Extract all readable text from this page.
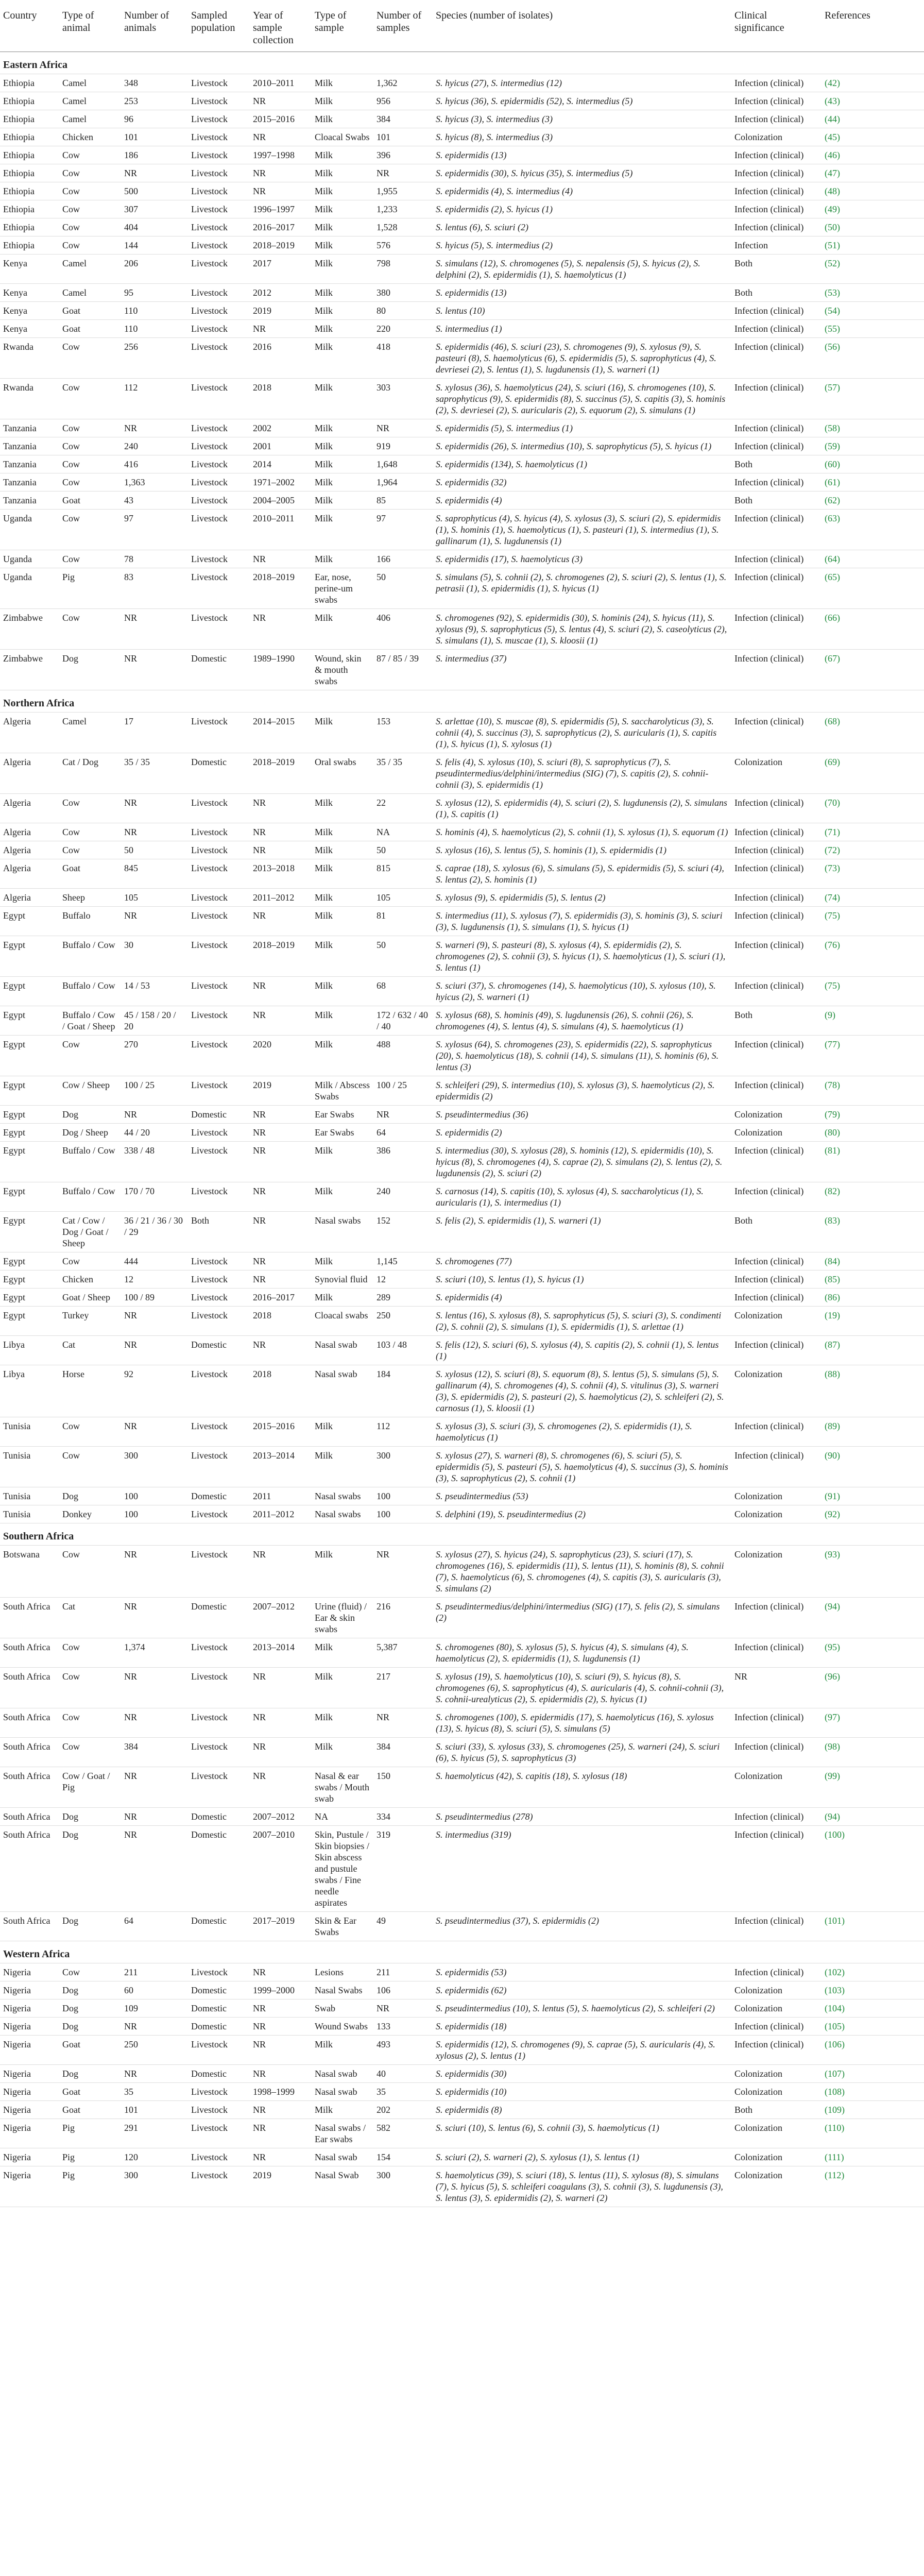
Country	Type of animal	Number of animals	Sampled population	Year of sample collection	Type of sample	Number of samples	Species (number of isolates)	Clinical significance	References
Eastern Africa									
Ethiopia	Camel	348	Livestock	2010–2011	Milk	1,362	S. hyicus (27), S. intermedius (12)	Infection (clinical)	(42)
Ethiopia	Camel	253	Livestock	NR	Milk	956	S. hyicus (36), S. epidermidis (52), S. intermedius (5)	Infection (clinical)	(43)
Ethiopia	Camel	96	Livestock	2015–2016	Milk	384	S. hyicus (3), S. intermedius (3)	Infection (clinical)	(44)
Ethiopia	Chicken	101	Livestock	NR	Cloacal Swabs	101	S. hyicus (8), S. intermedius (3)	Colonization	(45)
Ethiopia	Cow	186	Livestock	1997–1998	Milk	396	S. epidermidis (13)	Infection (clinical)	(46)
Ethiopia	Cow	NR	Livestock	NR	Milk	NR	S. epidermidis (30), S. hyicus (35), S. intermedius (5)	Infection (clinical)	(47)
Ethiopia	Cow	500	Livestock	NR	Milk	1,955	S. epidermidis (4), S. intermedius (4)	Infection (clinical)	(48)
Ethiopia	Cow	307	Livestock	1996–1997	Milk	1,233	S. epidermidis (2), S. hyicus (1)	Infection (clinical)	(49)
Ethiopia	Cow	404	Livestock	2016–2017	Milk	1,528	S. lentus (6), S. sciuri (2)	Infection (clinical)	(50)
Ethiopia	Cow	144	Livestock	2018–2019	Milk	576	S. hyicus (5), S. intermedius (2)	Infection	(51)
Kenya	Camel	206	Livestock	2017	Milk	798	S. simulans (12), S. chromogenes (5), S. nepalensis (5), S. hyicus (2), S. delphini (2), S. epidermidis (1), S. haemolyticus (1)	Both	(52)
Kenya	Camel	95	Livestock	2012	Milk	380	S. epidermidis (13)	Both	(53)
Kenya	Goat	110	Livestock	2019	Milk	80	S. lentus (10)	Infection (clinical)	(54)
Kenya	Goat	110	Livestock	NR	Milk	220	S. intermedius (1)	Infection (clinical)	(55)
Rwanda	Cow	256	Livestock	2016	Milk	418	S. epidermidis (46), S. sciuri (23), S. chromogenes (9), S. xylosus (9), S. pasteuri (8), S. haemolyticus (6), S. epidermidis (5), S. saprophyticus (4), S. devriesei (2), S. lentus (1), S. lugdunensis (1), S. warneri (1)	Infection (clinical)	(56)
Rwanda	Cow	112	Livestock	2018	Milk	303	S. xylosus (36), S. haemolyticus (24), S. sciuri (16), S. chromogenes (10), S. saprophyticus (9), S. epidermidis (8), S. succinus (5), S. capitis (3), S. hominis (2), S. devriesei (2), S. auricularis (2), S. equorum (2), S. simulans (1)	Infection (clinical)	(57)
Tanzania	Cow	NR	Livestock	2002	Milk	NR	S. epidermidis (5), S. intermedius (1)	Infection (clinical)	(58)
Tanzania	Cow	240	Livestock	2001	Milk	919	S. epidermidis (26), S. intermedius (10), S. saprophyticus (5), S. hyicus (1)	Infection (clinical)	(59)
Tanzania	Cow	416	Livestock	2014	Milk	1,648	S. epidermidis (134), S. haemolyticus (1)	Both	(60)
Tanzania	Cow	1,363	Livestock	1971–2002	Milk	1,964	S. epidermidis (32)	Infection (clinical)	(61)
Tanzania	Goat	43	Livestock	2004–2005	Milk	85	S. epidermidis (4)	Both	(62)
Uganda	Cow	97	Livestock	2010–2011	Milk	97	S. saprophyticus (4), S. hyicus (4), S. xylosus (3), S. sciuri (2), S. epidermidis (1), S. hominis (1), S. haemolyticus (1), S. pasteuri (1), S. intermedius (1), S. gallinarum (1), S. lugdunensis (1)	Infection (clinical)	(63)
Uganda	Cow	78	Livestock	NR	Milk	166	S. epidermidis (17), S. haemolyticus (3)	Infection (clinical)	(64)
Uganda	Pig	83	Livestock	2018–2019	Ear, nose, perine-um swabs	50	S. simulans (5), S. cohnii (2), S. chromogenes (2), S. sciuri (2), S. lentus (1), S. petrasii (1), S. epidermidis (1), S. hyicus (1)	Infection (clinical)	(65)
Zimbabwe	Cow	NR	Livestock	NR	Milk	406	S. chromogenes (92), S. epidermidis (30), S. hominis (24), S. hyicus (11), S. xylosus (9), S. saprophyticus (5), S. lentus (4), S. sciuri (2), S. caseolyticus (2), S. simulans (1), S. muscae (1), S. kloosii (1)	Infection (clinical)	(66)
Zimbabwe	Dog	NR	Domestic	1989–1990	Wound, skin & mouth swabs	87 / 85 / 39	S. intermedius (37)	Infection (clinical)	(67)
Northern Africa									
Algeria	Camel	17	Livestock	2014–2015	Milk	153	S. arlettae (10), S. muscae (8), S. epidermidis (5), S. saccharolyticus (3), S. cohnii (4), S. succinus (3), S. saprophyticus (2), S. auricularis (1), S. capitis (1), S. hyicus (1), S. xylosus (1)	Infection (clinical)	(68)
Algeria	Cat / Dog	35 / 35	Domestic	2018–2019	Oral swabs	35 / 35	S. felis (4), S. xylosus (10), S. sciuri (8), S. saprophyticus (7), S. pseudintermedius/delphini/intermedius (SIG) (7), S. capitis (2), S. cohnii-cohnii (3), S. epidermidis (1)	Colonization	(69)
Algeria	Cow	NR	Livestock	NR	Milk	22	S. xylosus (12), S. epidermidis (4), S. sciuri (2), S. lugdunensis (2), S. simulans (1), S. capitis (1)	Infection (clinical)	(70)
Algeria	Cow	NR	Livestock	NR	Milk	NA	S. hominis (4), S. haemolyticus (2), S. cohnii (1), S. xylosus (1), S. equorum (1)	Infection (clinical)	(71)
Algeria	Cow	50	Livestock	NR	Milk	50	S. xylosus (16), S. lentus (5), S. hominis (1), S. epidermidis (1)	Infection (clinical)	(72)
Algeria	Goat	845	Livestock	2013–2018	Milk	815	S. caprae (18), S. xylosus (6), S. simulans (5), S. epidermidis (5), S. sciuri (4), S. lentus (2), S. hominis (1)	Infection (clinical)	(73)
Algeria	Sheep	105	Livestock	2011–2012	Milk	105	S. xylosus (9), S. epidermidis (5), S. lentus (2)	Infection (clinical)	(74)
Egypt	Buffalo	NR	Livestock	NR	Milk	81	S. intermedius (11), S. xylosus (7), S. epidermidis (3), S. hominis (3), S. sciuri (3), S. lugdunensis (1), S. simulans (1), S. hyicus (1)	Infection (clinical)	(75)
Egypt	Buffalo / Cow	30	Livestock	2018–2019	Milk	50	S. warneri (9), S. pasteuri (8), S. xylosus (4), S. epidermidis (2), S. chromogenes (2), S. cohnii (3), S. hyicus (1), S. haemolyticus (1), S. sciuri (1), S. lentus (1)	Infection (clinical)	(76)
Egypt	Buffalo / Cow	14 / 53	Livestock	NR	Milk	68	S. sciuri (37), S. chromogenes (14), S. haemolyticus (10), S. xylosus (10), S. hyicus (2), S. warneri (1)	Infection (clinical)	(75)
Egypt	Buffalo / Cow / Goat / Sheep	45 / 158 / 20 / 20	Livestock	NR	Milk	172 / 632 / 40 / 40	S. xylosus (68), S. hominis (49), S. lugdunensis (26), S. cohnii (26), S. chromogenes (4), S. lentus (4), S. simulans (4), S. haemolyticus (1)	Both	(9)
Egypt	Cow	270	Livestock	2020	Milk	488	S. xylosus (64), S. chromogenes (23), S. epidermidis (22), S. saprophyticus (20), S. haemolyticus (18), S. cohnii (14), S. simulans (11), S. hominis (6), S. lentus (3)	Infection (clinical)	(77)
Egypt	Cow / Sheep	100 / 25	Livestock	2019	Milk / Abscess Swabs	100 / 25	S. schleiferi (29), S. intermedius (10), S. xylosus (3), S. haemolyticus (2), S. epidermidis (2)	Infection (clinical)	(78)
Egypt	Dog	NR	Domestic	NR	Ear Swabs	NR	S. pseudintermedius (36)	Colonization	(79)
Egypt	Dog / Sheep	44 / 20	Livestock	NR	Ear Swabs	64	S. epidermidis (2)	Colonization	(80)
Egypt	Buffalo / Cow	338 / 48	Livestock	NR	Milk	386	S. intermedius (30), S. xylosus (28), S. hominis (12), S. epidermidis (10), S. hyicus (8), S. chromogenes (4), S. caprae (2), S. simulans (2), S. lentus (2), S. lugdunensis (2), S. sciuri (2)	Infection (clinical)	(81)
Egypt	Buffalo / Cow	170 / 70	Livestock	NR	Milk	240	S. carnosus (14), S. capitis (10), S. xylosus (4), S. saccharolyticus (1), S. auricularis (1), S. intermedius (1)	Infection (clinical)	(82)
Egypt	Cat / Cow / Dog / Goat / Sheep	36 / 21 / 36 / 30 / 29	Both	NR	Nasal swabs	152	S. felis (2), S. epidermidis (1), S. warneri (1)	Both	(83)
Egypt	Cow	444	Livestock	NR	Milk	1,145	S. chromogenes (77)	Infection (clinical)	(84)
Egypt	Chicken	12	Livestock	NR	Synovial fluid	12	S. sciuri (10), S. lentus (1), S. hyicus (1)	Infection (clinical)	(85)
Egypt	Goat / Sheep	100 / 89	Livestock	2016–2017	Milk	289	S. epidermidis (4)	Infection (clinical)	(86)
Egypt	Turkey	NR	Livestock	2018	Cloacal swabs	250	S. lentus (16), S. xylosus (8), S. saprophyticus (5), S. sciuri (3), S. condimenti (2), S. cohnii (2), S. simulans (1), S. epidermidis (1), S. arlettae (1)	Colonization	(19)
Libya	Cat	NR	Domestic	NR	Nasal swab	103 / 48	S. felis (12), S. sciuri (6), S. xylosus (4), S. capitis (2), S. cohnii (1), S. lentus (1)	Infection (clinical)	(87)
Libya	Horse	92	Livestock	2018	Nasal swab	184	S. xylosus (12), S. sciuri (8), S. equorum (8), S. lentus (5), S. simulans (5), S. gallinarum (4), S. chromogenes (4), S. cohnii (4), S. vitulinus (3), S. warneri (3), S. epidermidis (2), S. pasteuri (2), S. haemolyticus (2), S. schleiferi (2), S. carnosus (1), S. kloosii (1)	Colonization	(88)
Tunisia	Cow	NR	Livestock	2015–2016	Milk	112	S. xylosus (3), S. sciuri (3), S. chromogenes (2), S. epidermidis (1), S. haemolyticus (1)	Infection (clinical)	(89)
Tunisia	Cow	300	Livestock	2013–2014	Milk	300	S. xylosus (27), S. warneri (8), S. chromogenes (6), S. sciuri (5), S. epidermidis (5), S. pasteuri (5), S. haemolyticus (4), S. succinus (3), S. hominis (3), S. saprophyticus (2), S. cohnii (1)	Infection (clinical)	(90)
Tunisia	Dog	100	Domestic	2011	Nasal swabs	100	S. pseudintermedius (53)	Colonization	(91)
Tunisia	Donkey	100	Livestock	2011–2012	Nasal swabs	100	S. delphini (19), S. pseudintermedius (2)	Colonization	(92)
Southern Africa									
Botswana	Cow	NR	Livestock	NR	Milk	NR	S. xylosus (27), S. hyicus (24), S. saprophyticus (23), S. sciuri (17), S. chromogenes (16), S. epidermidis (11), S. lentus (11), S. hominis (8), S. cohnii (7), S. haemolyticus (6), S. chromogenes (4), S. capitis (3), S. auricularis (3), S. simulans (2)	Colonization	(93)
South Africa	Cat	NR	Domestic	2007–2012	Urine (fluid) / Ear & skin swabs	216	S. pseudintermedius/delphini/intermedius (SIG) (17), S. felis (2), S. simulans (2)	Infection (clinical)	(94)
South Africa	Cow	1,374	Livestock	2013–2014	Milk	5,387	S. chromogenes (80), S. xylosus (5), S. hyicus (4), S. simulans (4), S. haemolyticus (2), S. epidermidis (1), S. lugdunensis (1)	Infection (clinical)	(95)
South Africa	Cow	NR	Livestock	NR	Milk	217	S. xylosus (19), S. haemolyticus (10), S. sciuri (9), S. hyicus (8), S. chromogenes (6), S. saprophyticus (4), S. auricularis (4), S. cohnii-cohnii (3), S. cohnii-urealyticus (2), S. epidermidis (2), S. hyicus (1)	NR	(96)
South Africa	Cow	NR	Livestock	NR	Milk	NR	S. chromogenes (100), S. epidermidis (17), S. haemolyticus (16), S. xylosus (13), S. hyicus (8), S. sciuri (5), S. simulans (5)	Infection (clinical)	(97)
South Africa	Cow	384	Livestock	NR	Milk	384	S. sciuri (33), S. xylosus (33), S. chromogenes (25), S. warneri (24), S. sciuri (6), S. hyicus (5), S. saprophyticus (3)	Infection (clinical)	(98)
South Africa	Cow / Goat / Pig	NR	Livestock	NR	Nasal & ear swabs / Mouth swab	150	S. haemolyticus (42), S. capitis (18), S. xylosus (18)	Colonization	(99)
South Africa	Dog	NR	Domestic	2007–2012	NA	334	S. pseudintermedius (278)	Infection (clinical)	(94)
South Africa	Dog	NR	Domestic	2007–2010	Skin, Pustule / Skin biopsies / Skin abscess and pustule swabs / Fine needle aspirates	319	S. intermedius (319)	Infection (clinical)	(100)
South Africa	Dog	64	Domestic	2017–2019	Skin & Ear Swabs	49	S. pseudintermedius (37), S. epidermidis (2)	Infection (clinical)	(101)
Western Africa									
Nigeria	Cow	211	Livestock	NR	Lesions	211	S. epidermidis (53)	Infection (clinical)	(102)
Nigeria	Dog	60	Domestic	1999–2000	Nasal Swabs	106	S. epidermidis (62)	Colonization	(103)
Nigeria	Dog	109	Domestic	NR	Swab	NR	S. pseudintermedius (10), S. lentus (5), S. haemolyticus (2), S. schleiferi (2)	Colonization	(104)
Nigeria	Dog	NR	Domestic	NR	Wound Swabs	133	S. epidermidis (18)	Infection (clinical)	(105)
Nigeria	Goat	250	Livestock	NR	Milk	493	S. epidermidis (12), S. chromogenes (9), S. caprae (5), S. auricularis (4), S. xylosus (2), S. lentus (1)	Infection (clinical)	(106)
Nigeria	Dog	NR	Domestic	NR	Nasal swab	40	S. epidermidis (30)	Colonization	(107)
Nigeria	Goat	35	Livestock	1998–1999	Nasal swab	35	S. epidermidis (10)	Colonization	(108)
Nigeria	Goat	101	Livestock	NR	Milk	202	S. epidermidis (8)	Both	(109)
Nigeria	Pig	291	Livestock	NR	Nasal swabs / Ear swabs	582	S. sciuri (10), S. lentus (6), S. cohnii (3), S. haemolyticus (1)	Colonization	(110)
Nigeria	Pig	120	Livestock	NR	Nasal swab	154	S. sciuri (2), S. warneri (2), S. xylosus (1), S. lentus (1)	Colonization	(111)
Nigeria	Pig	300	Livestock	2019	Nasal Swab	300	S. haemolyticus (39), S. sciuri (18), S. lentus (11), S. xylosus (8), S. simulans (7), S. hyicus (5), S. schleiferi coagulans (3), S. cohnii (3), S. lugdunensis (3), S. lentus (3), S. epidermidis (2), S. warneri (2)	Colonization	(112)
